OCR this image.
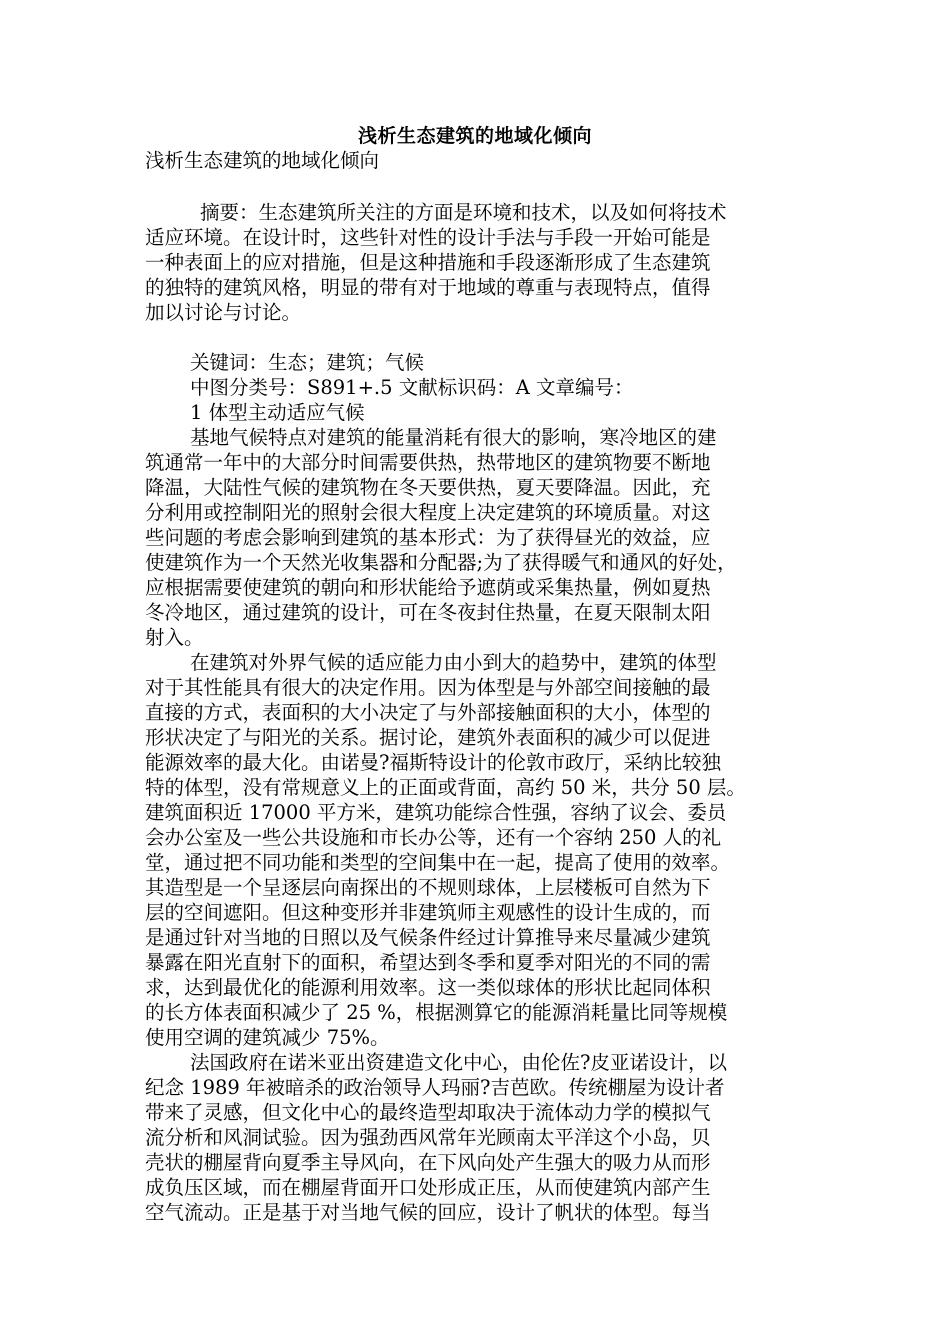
浅析生态建筑的地域化倾向
浅析生态建筑的地域化倾向
摘要：生态建筑所关注的方面是环境和技术，以及如何将技术
适应环境。在设计时，这些针对性的设计手法与手段一开始可能是
一种表面上的应对措施，但是这种措施和手段逐渐形成了生态建筑
的独特的建筑风格，明显的带有对于地域的尊重与表现特点，值得
加以讨论与讨论。
关键词：生态；建筑；气候
中图分类号：S891+.5 文献标识码：A 文章编号：
1 体型主动适应气候
基地气候特点对建筑的能量消耗有很大的影响，寒冷地区的建
筑通常一年中的大部分时间需要供热，热带地区的建筑物要不断地
降温，大陆性气候的建筑物在冬天要供热，夏天要降温。因此，充
分利用或控制阳光的照射会很大程度上决定建筑的环境质量。对这
些问题的考虑会影响到建筑的基本形式：为了获得昼光的效益，应
使建筑作为一个天然光收集器和分配器;为了获得暖气和通风的好处，
应根据需要使建筑的朝向和形状能给予遮荫或采集热量，例如夏热
冬冷地区，通过建筑的设计，可在冬夜封住热量，在夏天限制太阳
射入。
在建筑对外界气候的适应能力由小到大的趋势中，建筑的体型
对于其性能具有很大的决定作用。因为体型是与外部空间接触的最
直接的方式，表面积的大小决定了与外部接触面积的大小，体型的
形状决定了与阳光的关系。据讨论，建筑外表面积的减少可以促进
能源效率的最大化。由诺曼?福斯特设计的伦敦市政厅，采纳比较独
特的体型，没有常规意义上的正面或背面，高约 50 米，共分 50 层。
建筑面积近 17000 平方米，建筑功能综合性强，容纳了议会、委员
会办公室及一些公共设施和市长办公等，还有一个容纳 250 人的礼
堂，通过把不同功能和类型的空间集中在一起，提高了使用的效率。
其造型是一个呈逐层向南探出的不规则球体，上层楼板可自然为下
层的空间遮阳。但这种变形并非建筑师主观感性的设计生成的，而
是通过针对当地的日照以及气候条件经过计算推导来尽量减少建筑
暴露在阳光直射下的面积，希望达到冬季和夏季对阳光的不同的需
求，达到最优化的能源利用效率。这一类似球体的形状比起同体积
的长方体表面积减少了 25 %，根据测算它的能源消耗量比同等规模
使用空调的建筑减少 75%。
法国政府在诺米亚出资建造文化中心，由伦佐?皮亚诺设计，以
纪念 1989 年被暗杀的政治领导人玛丽?吉芭欧。传统棚屋为设计者
带来了灵感，但文化中心的最终造型却取决于流体动力学的模拟气
流分析和风洞试验。因为强劲西风常年光顾南太平洋这个小岛，贝
壳状的棚屋背向夏季主导风向，在下风向处产生强大的吸力从而形
成负压区域，而在棚屋背面开口处形成正压，从而使建筑内部产生
空气流动。正是基于对当地气候的回应，设计了帆状的体型。每当
